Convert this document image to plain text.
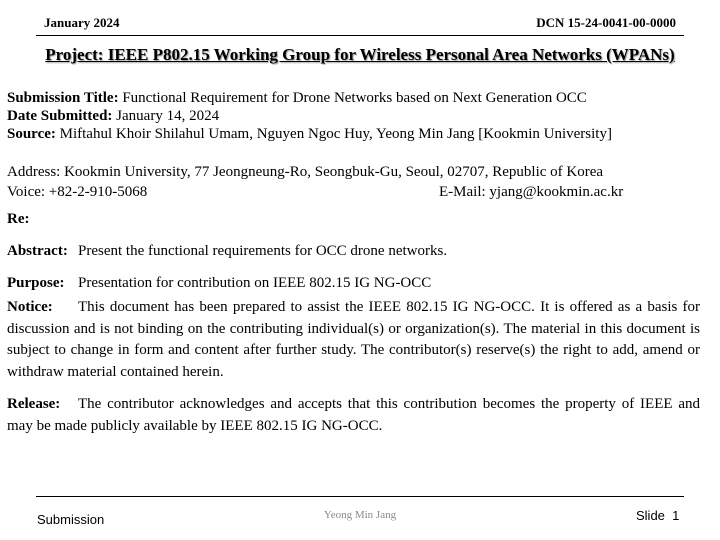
January 2024	DCN 15-24-0041-00-0000
Project: IEEE P802.15 Working Group for Wireless Personal Area Networks (WPANs)
Submission Title: Functional Requirement for Drone Networks based on Next Generation OCC
Date Submitted: January 14, 2024
Source: Miftahul Khoir Shilahul Umam, Nguyen Ngoc Huy, Yeong Min Jang [Kookmin University]
Address: Kookmin University, 77 Jeongneung-Ro, Seongbuk-Gu, Seoul, 02707, Republic of Korea
Voice: +82-2-910-5068	E-Mail: yjang@kookmin.ac.kr
Re:
Abstract: Present the functional requirements for OCC drone networks.
Purpose: Presentation for contribution on IEEE 802.15 IG NG-OCC
Notice: This document has been prepared to assist the IEEE 802.15 IG NG-OCC. It is offered as a basis for discussion and is not binding on the contributing individual(s) or organization(s). The material in this document is subject to change in form and content after further study. The contributor(s) reserve(s) the right to add, amend or withdraw material contained herein.
Release: The contributor acknowledges and accepts that this contribution becomes the property of IEEE and may be made publicly available by IEEE 802.15 IG NG-OCC.
Yeong Min Jang
Submission	Slide 1
